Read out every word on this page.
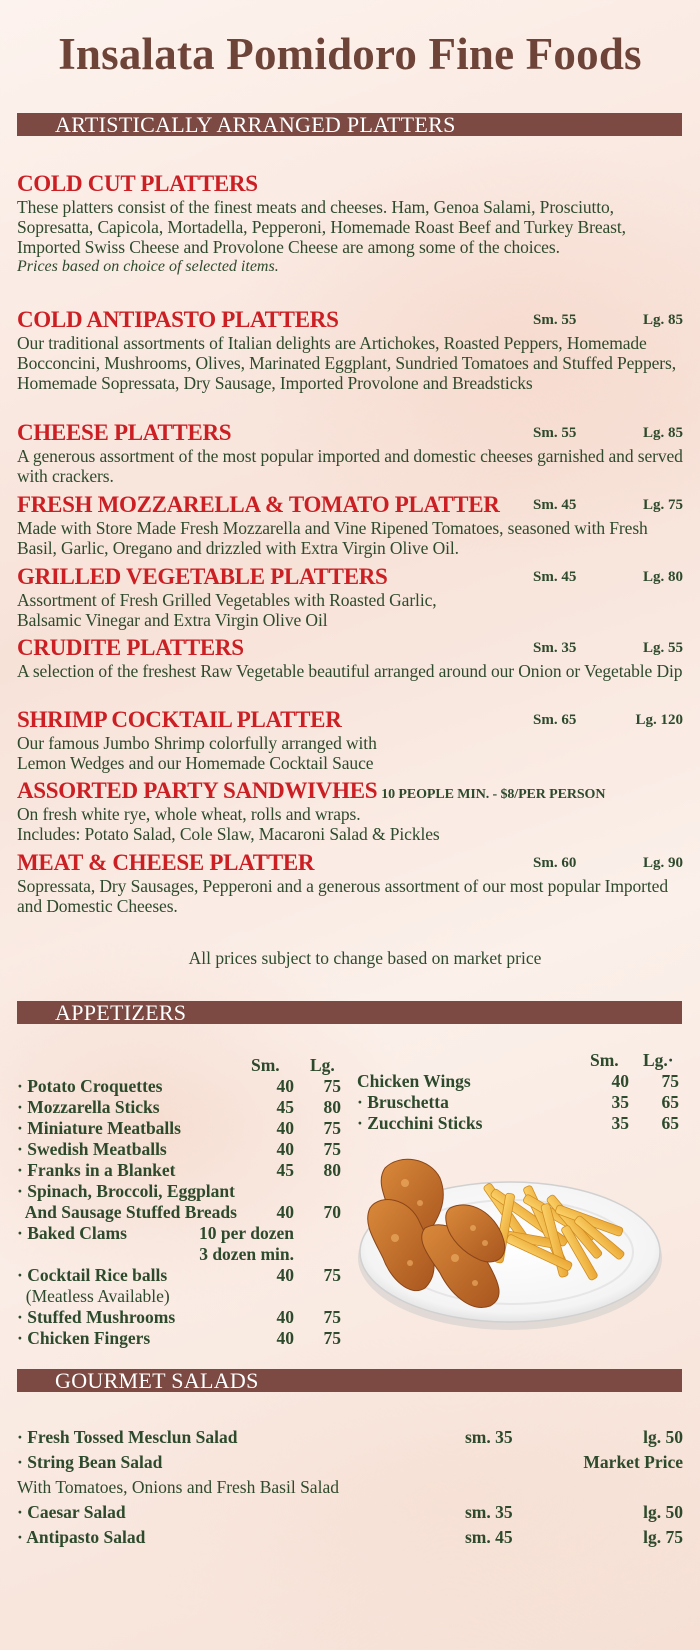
Insalata Pomidoro Fine Foods
ARTISTICALLY ARRANGED PLATTERS
COLD CUT PLATTERS
These platters consist of the finest meats and cheeses. Ham, Genoa Salami, Prosciutto, Sopresatta, Capicola, Mortadella, Pepperoni, Homemade Roast Beef and Turkey Breast, Imported Swiss Cheese and Provolone Cheese are among some of the choices.
Prices based on choice of selected items.
COLD ANTIPASTO PLATTERS	Sm. 55	Lg. 85
Our traditional assortments of Italian delights are Artichokes, Roasted Peppers, Homemade Bocconcini, Mushrooms, Olives, Marinated Eggplant, Sundried Tomatoes and Stuffed Peppers, Homemade Sopressata, Dry Sausage, Imported Provolone and Breadsticks
CHEESE PLATTERS	Sm. 55	Lg. 85
A generous assortment of the most popular imported and domestic cheeses garnished and served with crackers.
FRESH MOZZARELLA & TOMATO PLATTER Sm. 45	Lg. 75
Made with Store Made Fresh Mozzarella and Vine Ripened Tomatoes, seasoned with Fresh Basil, Garlic, Oregano and drizzled with Extra Virgin Olive Oil.
GRILLED VEGETABLE PLATTERS	Sm. 45	Lg. 80
Assortment of Fresh Grilled Vegetables with Roasted Garlic, Balsamic Vinegar and Extra Virgin Olive Oil
CRUDITE PLATTERS	Sm. 35	Lg. 55
A selection of the freshest Raw Vegetable beautiful arranged around our Onion or Vegetable Dip
SHRIMP COCKTAIL PLATTER	Sm. 65	Lg. 120
Our famous Jumbo Shrimp colorfully arranged with Lemon Wedges and our Homemade Cocktail Sauce
ASSORTED PARTY SANDWIVHES 10 PEOPLE MIN. - $8/PER PERSON
On fresh white rye, whole wheat, rolls and wraps.
Includes: Potato Salad, Cole Slaw, Macaroni Salad & Pickles
MEAT & CHEESE PLATTER	Sm. 60	Lg. 90
Sopressata, Dry Sausages, Pepperoni and a generous assortment of our most popular Imported and Domestic Cheeses.
All prices subject to change based on market price
APPETIZERS
Sm. Lg.
· Potato Croquettes	40 75
· Mozzarella Sticks	45 80
· Miniature Meatballs	40 75
· Swedish Meatballs	40 75
· Franks in a Blanket	45 80
· Spinach, Broccoli, Eggplant
And Sausage Stuffed Breads 40 70
· Baked Clams	10 per dozen
3 dozen min.
· Cocktail Rice balls	40 75
(Meatless Available)
· Stuffed Mushrooms	40 75
· Chicken Fingers	40 75
Sm. Lg.·
Chicken Wings	40 75
· Bruschetta	35 65
· Zucchini Sticks	35 65
GOURMET SALADS
· Fresh Tossed Mesclun Salad	sm. 35	lg. 50
· String Bean Salad	Market Price
With Tomatoes, Onions and Fresh Basil Salad
· Caesar Salad	sm. 35	lg. 50
· Antipasto Salad	sm. 45	lg. 75
